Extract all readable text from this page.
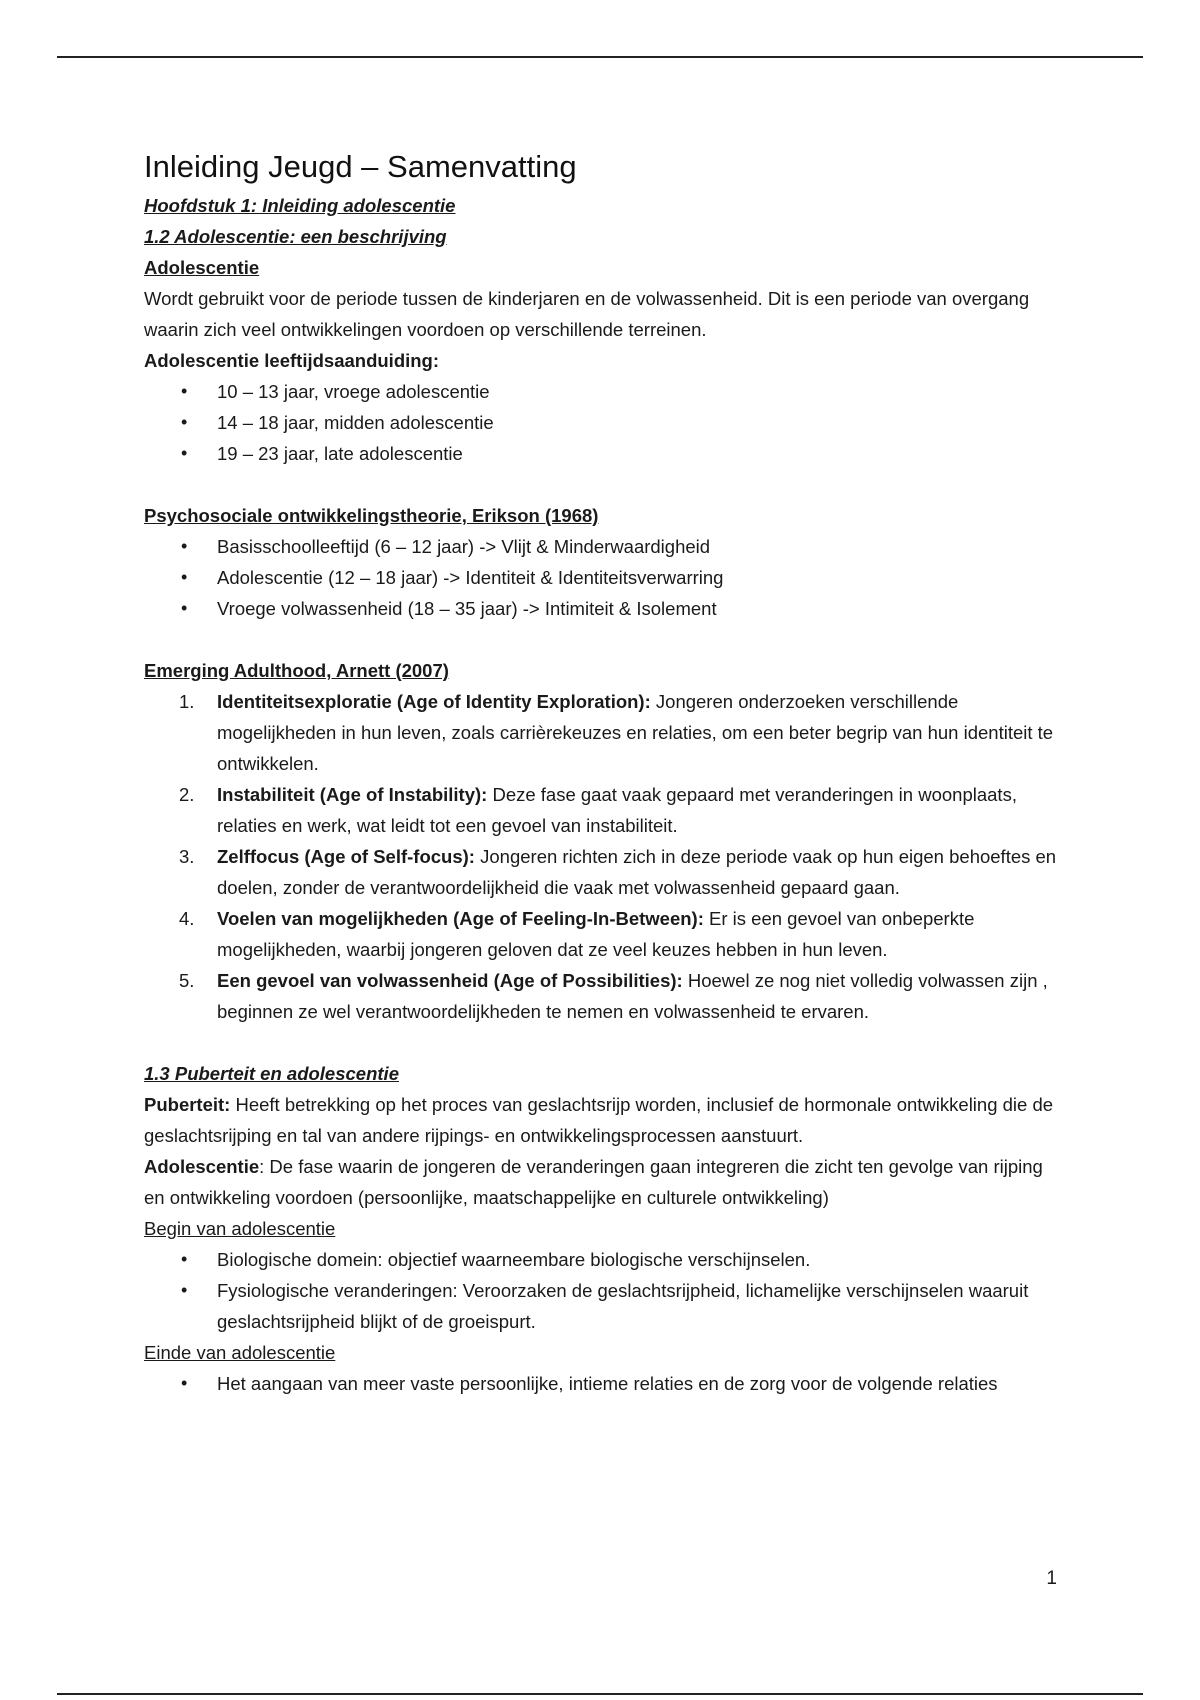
Inleiding Jeugd – Samenvatting

Hoofdstuk 1: Inleiding adolescentie

1.2 Adolescentie: een beschrijving

Adolescentie

Wordt gebruikt voor de periode tussen de kinderjaren en de volwassenheid. Dit is een periode van overgang waarin zich veel ontwikkelingen voordoen op verschillende terreinen.

Adolescentie leeftijdsaanduiding:

• 10 – 13 jaar, vroege adolescentie
• 14 – 18 jaar, midden adolescentie
• 19 – 23 jaar, late adolescentie

Psychosociale ontwikkelingstheorie, Erikson (1968)

• Basisschoolleeftijd (6 – 12 jaar) -> Vlijt & Minderwaardigheid
• Adolescentie (12 – 18 jaar) -> Identiteit & Identiteitsverwarring
• Vroege volwassenheid (18 – 35 jaar) -> Intimiteit & Isolement

Emerging Adulthood, Arnett (2007)

1. Identiteitsexploratie (Age of Identity Exploration): Jongeren onderzoeken verschillende mogelijkheden in hun leven, zoals carrièrekeuzes en relaties, om een beter begrip van hun identiteit te ontwikkelen.
2. Instabiliteit (Age of Instability): Deze fase gaat vaak gepaard met veranderingen in woonplaats, relaties en werk, wat leidt tot een gevoel van instabiliteit.
3. Zelffocus (Age of Self-focus): Jongeren richten zich in deze periode vaak op hun eigen behoeftes en doelen, zonder de verantwoordelijkheid die vaak met volwassenheid gepaard gaan.
4. Voelen van mogelijkheden (Age of Feeling-In-Between): Er is een gevoel van onbeperkte mogelijkheden, waarbij jongeren geloven dat ze veel keuzes hebben in hun leven.
5. Een gevoel van volwassenheid (Age of Possibilities): Hoewel ze nog niet volledig volwassen zijn , beginnen ze wel verantwoordelijkheden te nemen en volwassenheid te ervaren.

1.3 Puberteit en adolescentie

Puberteit: Heeft betrekking op het proces van geslachtsrijp worden, inclusief de hormonale ontwikkeling die de geslachtsrijping en tal van andere rijpings- en ontwikkelingsprocessen aanstuurt.

Adolescentie: De fase waarin de jongeren de veranderingen gaan integreren die zicht ten gevolge van rijping en ontwikkeling voordoen (persoonlijke, maatschappelijke en culturele ontwikkeling)

Begin van adolescentie

• Biologische domein: objectief waarneembare biologische verschijnselen.
• Fysiologische veranderingen: Veroorzaken de geslachtsrijpheid, lichamelijke verschijnselen waaruit geslachtsrijpheid blijkt of de groeispurt.

Einde van adolescentie

• Het aangaan van meer vaste persoonlijke, intieme relaties en de zorg voor de volgende relaties
1
